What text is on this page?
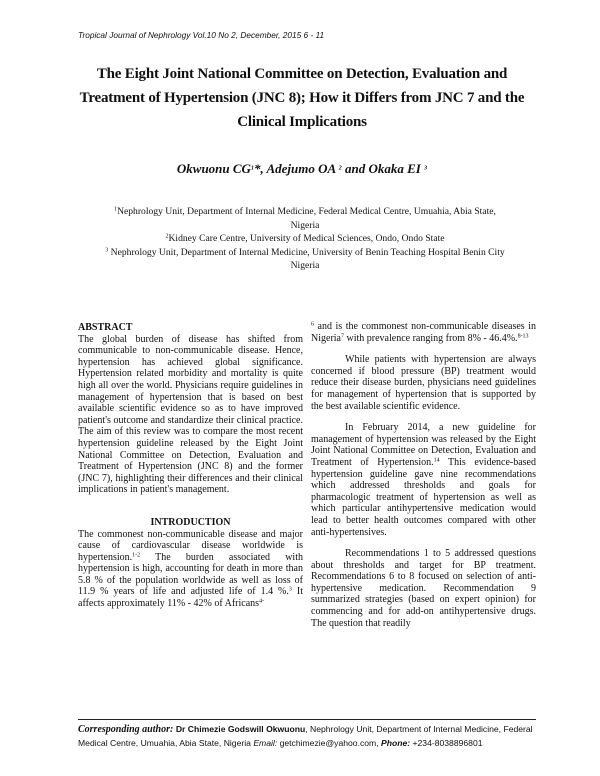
Tropical Journal of Nephrology Vol.10 No 2, December, 2015 6 - 11
The Eight Joint National Committee on Detection, Evaluation and
Treatment of Hypertension (JNC 8); How it Differs from JNC 7 and the
Clinical Implications
Okwuonu $CG^1*$, Adejumo OA $^2$ and Okaka EI $^3$
$^1$Nephrology Unit, Department of Internal Medicine, Federal Medical Centre, Umuahia, Abia State,
Nigeria
$^2$Kidney Care Centre, University of Medical Sciences, Ondo, Ondo State
$^3$ Nephrology Unit, Department of Internal Medicine, University of Benin Teaching Hospital Benin City
Nigeria

ABSTRACT

The global burden of disease has shifted from communicable to non-communicable disease. Hence, hypertension has achieved global significance. Hypertension related morbidity and mortality is quite high all over the world. Physicians require guidelines in management of hypertension that is based on best available scientific evidence so as to have improved patient's outcome and standardize their clinical practice. The aim of this review was to compare the most recent hypertension guideline released by the Eight Joint National Committee on Detection, Evaluation and Treatment of Hypertension (JNC 8) and the former (JNC 7), highlighting their differences and their clinical implications in patient's management.

INTRODUCTION

The commonest non-communicable disease and major cause of cardiovascular disease worldwide is hypertension.$^{1-2}$ The burden associated with hypertension is high, accounting for death in more than 5.8 % of the population worldwide as well as loss of 11.9 % years of life and adjusted life of 1.4 %.$^3$ It affects approximately 11% - 42% of Africans$^{4-}$

$^6$ and is the commonest non-communicable diseases in Nigeria$^7$ with prevalence ranging from 8% - 46.4%.$^{8-13}$

While patients with hypertension are always concerned if blood pressure (BP) treatment would reduce their disease burden, physicians need guidelines for management of hypertension that is supported by the best available scientific evidence.

In February 2014, a new guideline for management of hypertension was released by the Eight Joint National Committee on Detection, Evaluation and Treatment of Hypertension.$^{14}$ This evidence-based hypertension guideline gave nine recommendations which addressed thresholds and goals for pharmacologic treatment of hypertension as well as which particular antihypertensive medication would lead to better health outcomes compared with other anti-hypertensives.

Recommendations 1 to 5 addressed questions about thresholds and target for BP treatment. Recommendations 6 to 8 focused on selection of anti-hypertensive medication. Recommendation 9 summarized strategies (based on expert opinion) for commencing and for add-on antihypertensive drugs. The question that readily

Corresponding author: Dr Chimezie Godswill Okwuonu, Nephrology Unit, Department of Internal Medicine, Federal Medical Centre, Umuahia, Abia State, Nigeria Email: getchimezie@yahoo.com, Phone: +234-8038896801
